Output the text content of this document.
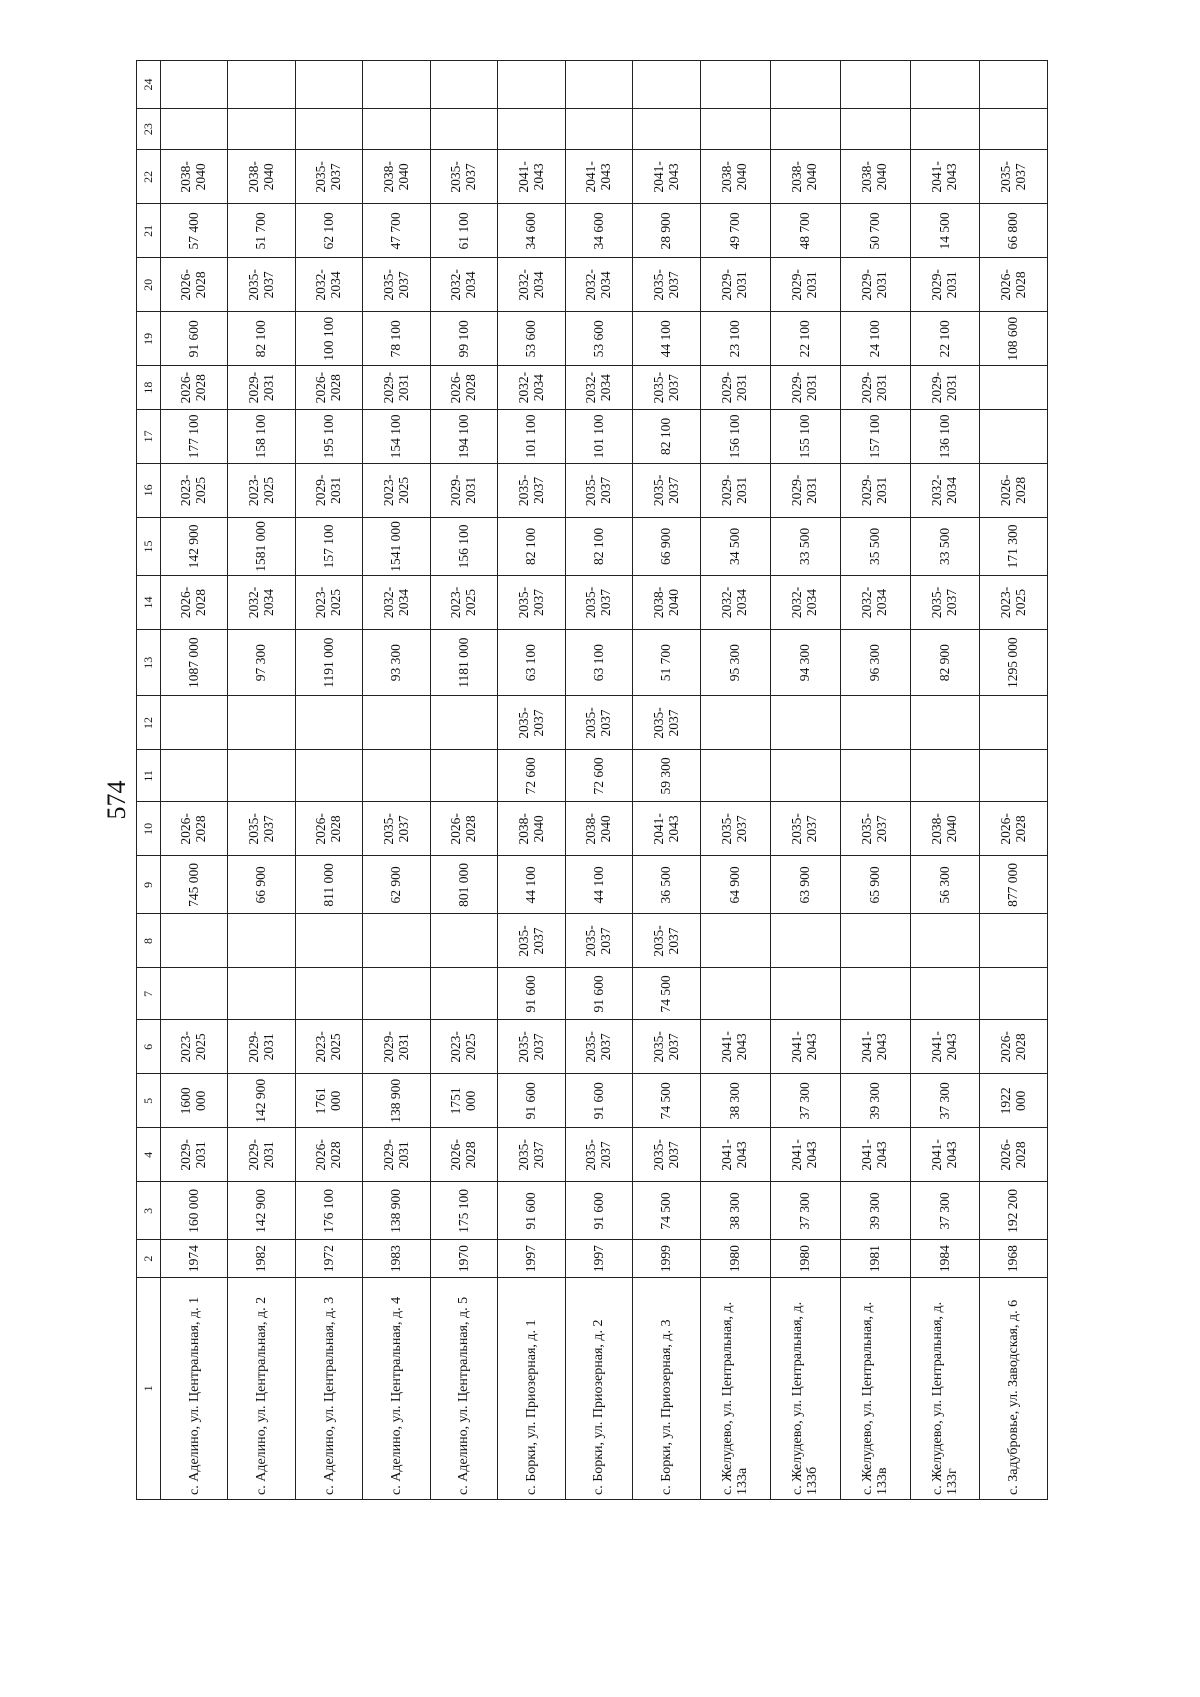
574
1	2	3	4	5	6	7	8	9	10	11	12	13	14	15	16	17	18	19	20	21	22	23	24
с. Аделино, ул. Центральная, д. 1	1974	160 000	2029-2031	1600 000	2023-2025			745 000	2026-2028			1087 000	2026-2028	142 900	2023-2025	177 100	2026-2028	91 600	2026-2028	57 400	2038-2040		
с. Аделино, ул. Центральная, д. 2	1982	142 900	2029-2031	142 900	2029-2031			66 900	2035-2037			97 300	2032-2034	1581 000	2023-2025	158 100	2029-2031	82 100	2035-2037	51 700	2038-2040		
с. Аделино, ул. Центральная, д. 3	1972	176 100	2026-2028	1761 000	2023-2025			811 000	2026-2028			1191 000	2023-2025	157 100	2029-2031	195 100	2026-2028	100 100	2032-2034	62 100	2035-2037		
с. Аделино, ул. Центральная, д. 4	1983	138 900	2029-2031	138 900	2029-2031			62 900	2035-2037			93 300	2032-2034	1541 000	2023-2025	154 100	2029-2031	78 100	2035-2037	47 700	2038-2040		
с. Аделино, ул. Центральная, д. 5	1970	175 100	2026-2028	1751 000	2023-2025			801 000	2026-2028			1181 000	2023-2025	156 100	2029-2031	194 100	2026-2028	99 100	2032-2034	61 100	2035-2037		
с. Борки, ул. Приозерная, д. 1	1997	91 600	2035-2037	91 600	2035-2037	91 600	2035-2037	44 100	2038-2040	72 600	2035-2037	63 100	2035-2037	82 100	2035-2037	101 100	2032-2034	53 600	2032-2034	34 600	2041-2043		
с. Борки, ул. Приозерная, д. 2	1997	91 600	2035-2037	91 600	2035-2037	91 600	2035-2037	44 100	2038-2040	72 600	2035-2037	63 100	2035-2037	82 100	2035-2037	101 100	2032-2034	53 600	2032-2034	34 600	2041-2043		
с. Борки, ул. Приозерная, д. 3	1999	74 500	2035-2037	74 500	2035-2037	74 500	2035-2037	36 500	2041-2043	59 300	2035-2037	51 700	2038-2040	66 900	2035-2037	82 100	2035-2037	44 100	2035-2037	28 900	2041-2043		
с. Желудево, ул. Центральная, д. 133а	1980	38 300	2041-2043	38 300	2041-2043			64 900	2035-2037			95 300	2032-2034	34 500	2029-2031	156 100	2029-2031	23 100	2029-2031	49 700	2038-2040		
с. Желудево, ул. Центральная, д. 133б	1980	37 300	2041-2043	37 300	2041-2043			63 900	2035-2037			94 300	2032-2034	33 500	2029-2031	155 100	2029-2031	22 100	2029-2031	48 700	2038-2040		
с. Желудево, ул. Центральная, д. 133в	1981	39 300	2041-2043	39 300	2041-2043			65 900	2035-2037			96 300	2032-2034	35 500	2029-2031	157 100	2029-2031	24 100	2029-2031	50 700	2038-2040		
с. Желудево, ул. Центральная, д. 133г	1984	37 300	2041-2043	37 300	2041-2043			56 300	2038-2040			82 900	2035-2037	33 500	2032-2034	136 100	2029-2031	22 100	2029-2031	14 500	2041-2043		
с. Задубровье, ул. Заводская, д. 6	1968	192 200	2026-2028	1922 000	2026-2028			877 000	2026-2028			1295 000	2023-2025	171 300	2026-2028			108 600	2026-2028	66 800	2035-2037		
